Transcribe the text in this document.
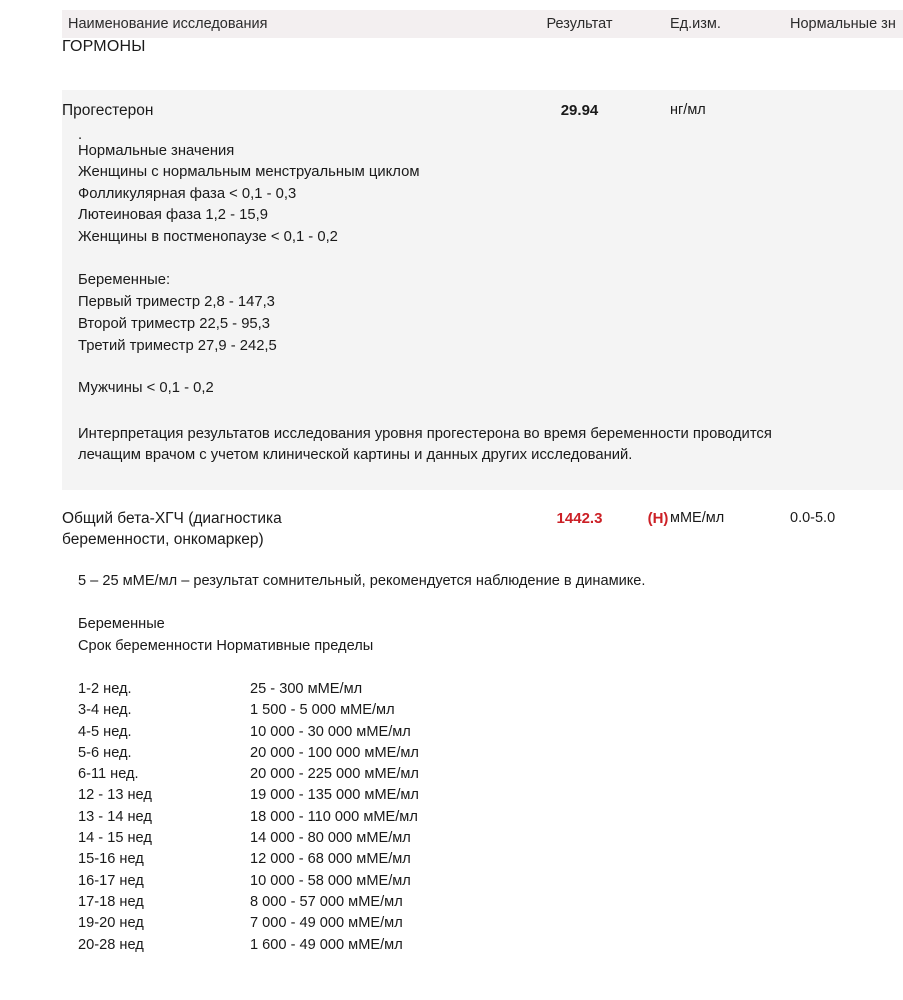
Наименование исследования	Результат	Ед.изм.	Нормальные зн
ГОРМОНЫ
Прогестерон	29.94	нг/мл
.
Нормальные значения
Женщины с нормальным менструальным циклом
Фолликулярная фаза < 0,1 - 0,3
Лютеиновая фаза 1,2 - 15,9
Женщины в постменопаузе < 0,1 - 0,2
Беременные:
Первый триместр 2,8 - 147,3
Второй триместр 22,5 - 95,3
Третий триместр 27,9 - 242,5
Мужчины < 0,1 - 0,2
Интерпретация результатов исследования уровня прогестерона во время беременности проводится лечащим врачом с учетом клинической картины и данных других исследований.
Общий бета-ХГЧ (диагностика
беременности, онкомаркер)
1442.3	(H) мМЕ/мл	0.0-5.0
5 – 25 мМЕ/мл – результат сомнительный, рекомендуется наблюдение в динамике.
Беременные
Срок беременности Нормативные пределы
1-2 нед.	25 - 300 мМЕ/мл
3-4 нед.	1 500 - 5 000 мМЕ/мл
4-5 нед.	10 000 - 30 000 мМЕ/мл
5-6 нед.	20 000 - 100 000 мМЕ/мл
6-11 нед.	20 000 - 225 000 мМЕ/мл
12 - 13 нед	19 000 - 135 000 мМЕ/мл
13 - 14 нед	18 000 - 110 000 мМЕ/мл
14 - 15 нед	14 000 - 80 000 мМЕ/мл
15-16 нед	12 000 - 68 000 мМЕ/мл
16-17 нед	10 000 - 58 000 мМЕ/мл
17-18 нед	8 000 - 57 000 мМЕ/мл
19-20 нед	7 000 - 49 000 мМЕ/мл
20-28 нед	1 600 - 49 000 мМЕ/мл
